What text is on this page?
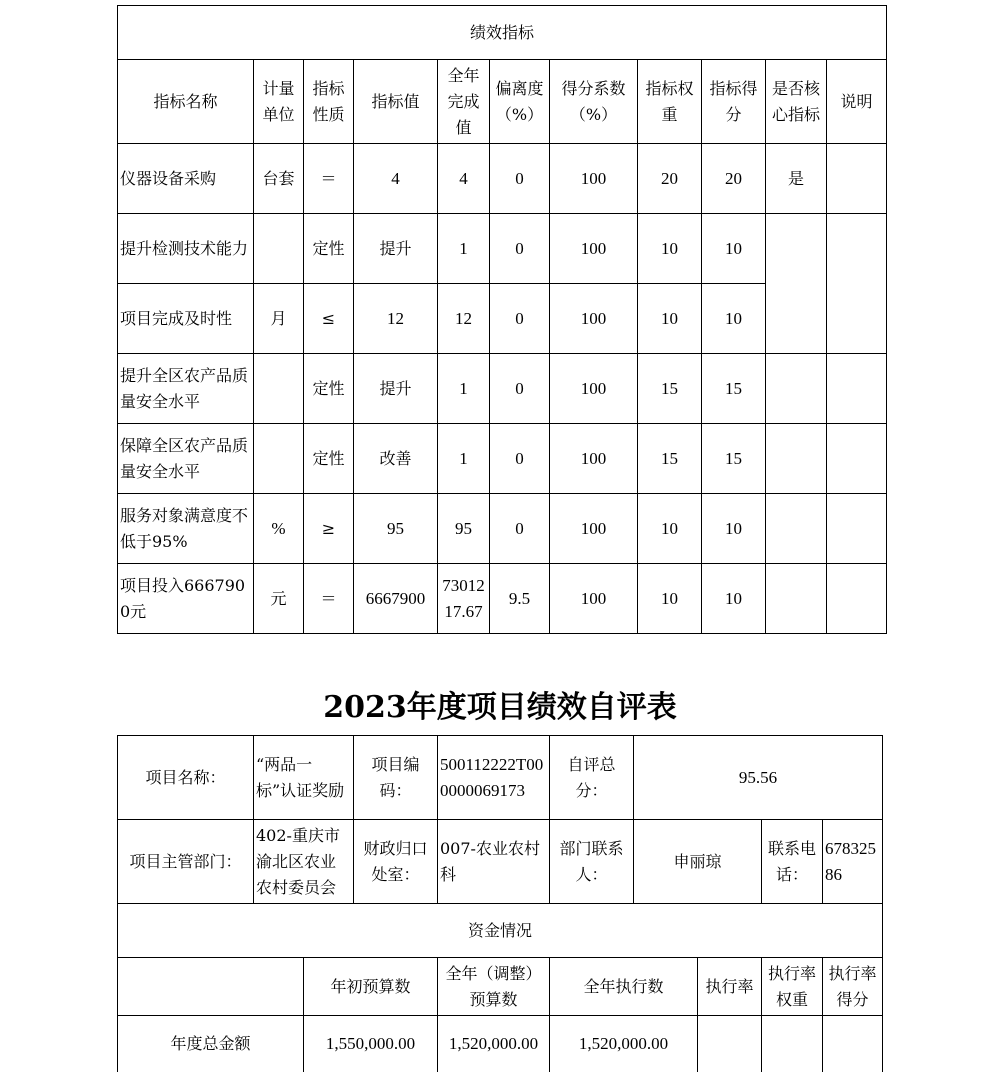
绩效指标										
指标名称	计量单位	指标性质	指标值	全年完成值	偏离度（%）	得分系数（%）	指标权重	指标得分	是否核心指标	说明
仪器设备采购	台套	＝	4	4	0	100	20	20	是	
提升检测技术能力		定性	提升	1	0	100	10	10		
项目完成及时性	月	≤	12	12	0	100	10	10		
提升全区农产品质量安全水平		定性	提升	1	0	100	15	15		
保障全区农产品质量安全水平		定性	改善	1	0	100	15	15		
服务对象满意度不低于95%	%	≥	95	95	0	100	10	10		
项目投入6667900元	元	＝	6667900	7301217.67	9.5	100	10	10		
2023年度项目绩效自评表
项目名称：	“两品一标”认证奖励		项目编码：	500112222T000000069173	自评总分：	95.56			
项目主管部门：	402-重庆市渝北区农业农村委员会		财政归口处室：	007-农业农村科	部门联系人：	申丽琼		联系电话：	67832586
资金情况									
		年初预算数		全年（调整）预算数	全年执行数		执行率	执行率权重	执行率得分
年度总金额		1,550,000.00		1,520,000.00	1,520,000.00				
